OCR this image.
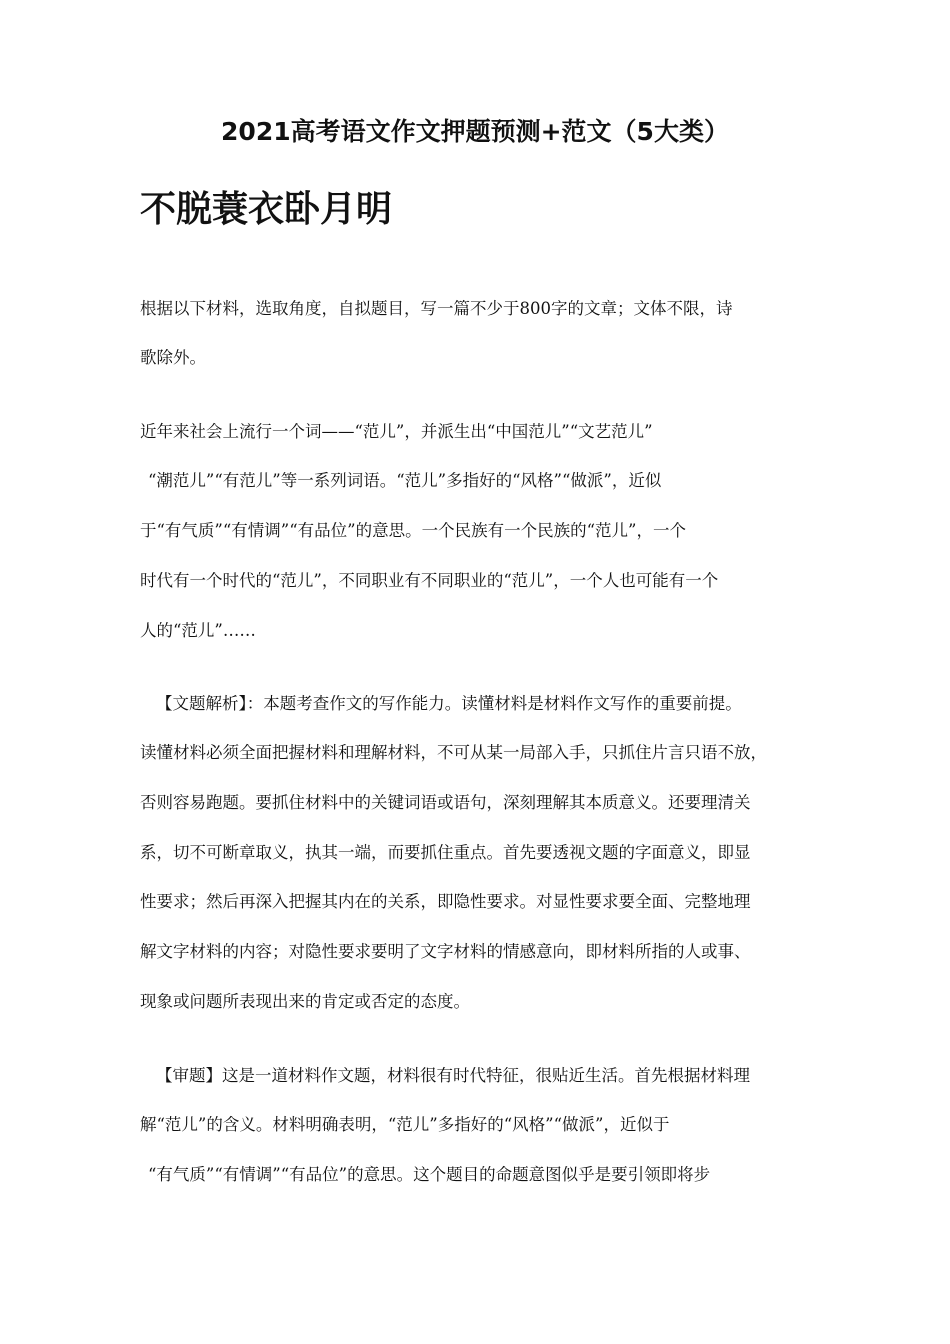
2021高考语文作文押题预测+范文（5大类）
不脱蓑衣卧月明

根据以下材料，选取角度，自拟题目，写一篇不少于800字的文章；文体不限，诗

歌除外。

近年来社会上流行一个词——“范儿”，并派生出“中国范儿”“文艺范儿”

“潮范儿”“有范儿”等一系列词语。“范儿”多指好的“风格”“做派”，近似

于“有气质”“有情调”“有品位”的意思。一个民族有一个民族的“范儿”，一个

时代有一个时代的“范儿”，不同职业有不同职业的“范儿”，一个人也可能有一个

人的“范儿”……

【文题解析】：本题考查作文的写作能力。读懂材料是材料作文写作的重要前提。

读懂材料必须全面把握材料和理解材料，不可从某一局部入手，只抓住片言只语不放，

否则容易跑题。要抓住材料中的关键词语或语句，深刻理解其本质意义。还要理清关

系，切不可断章取义，执其一端，而要抓住重点。首先要透视文题的字面意义，即显

性要求；然后再深入把握其内在的关系，即隐性要求。对显性要求要全面、完整地理

解文字材料的内容；对隐性要求要明了文字材料的情感意向，即材料所指的人或事、

现象或问题所表现出来的肯定或否定的态度。

【审题】这是一道材料作文题，材料很有时代特征，很贴近生活。首先根据材料理

解“范儿”的含义。材料明确表明，“范儿”多指好的“风格”“做派”，近似于

“有气质”“有情调”“有品位”的意思。这个题目的命题意图似乎是要引领即将步
